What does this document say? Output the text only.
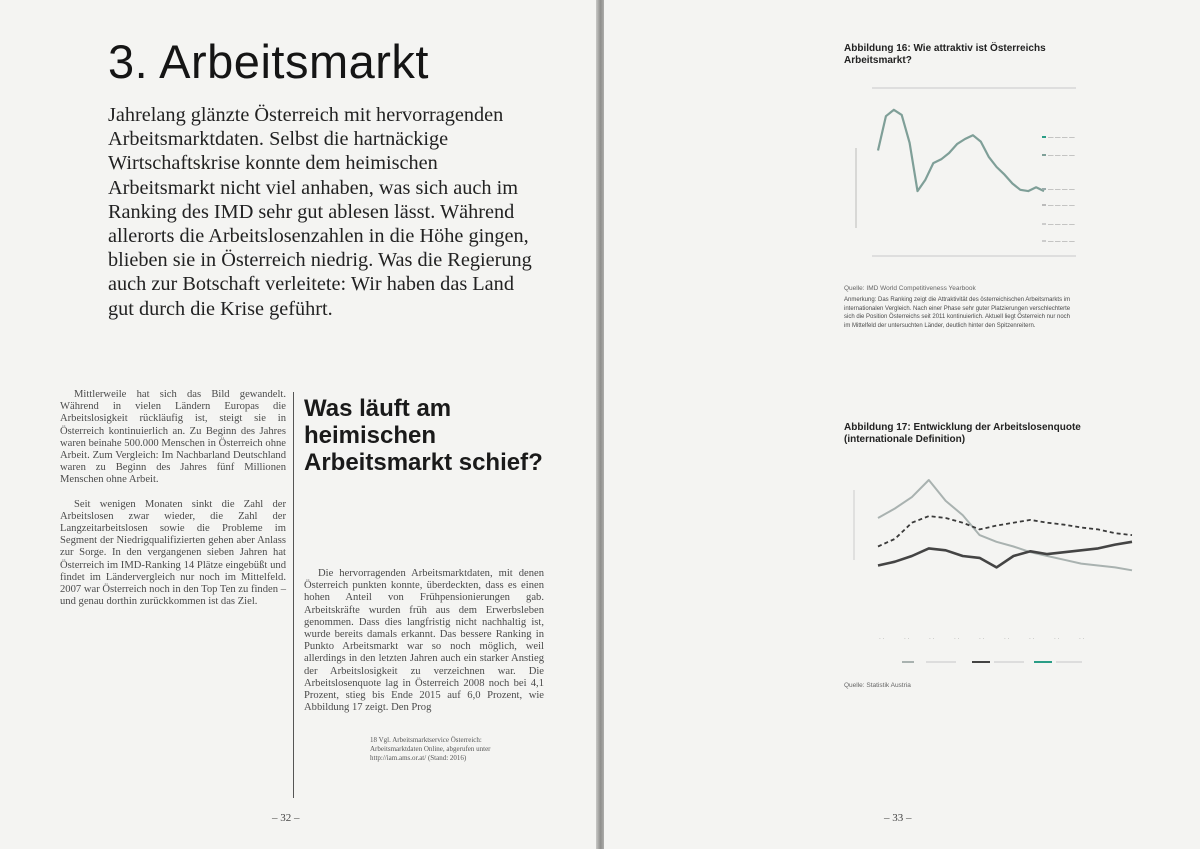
3. Arbeitsmarkt

Jahrelang glänzte Österreich mit hervorragenden Arbeitsmarktdaten. Selbst die hartnäckige Wirtschaftskrise konnte dem heimischen Arbeitsmarkt nicht viel anhaben, was sich auch im Ranking des IMD sehr gut ablesen lässt. Während allerorts die Arbeitslosenzahlen in die Höhe gingen, blieben sie in Österreich niedrig. Was die Regierung auch zur Botschaft verleitete: Wir haben das Land gut durch die Krise geführt.

Mittlerweile hat sich das Bild gewandelt. Während in vielen Ländern Europas die Arbeitslosigkeit rückläufig ist, steigt sie in Österreich kontinuierlich an. Zu Beginn des Jahres waren beinahe 500.000 Menschen in Österreich ohne Arbeit. Zum Vergleich: Im Nachbarland Deutschland waren zu Beginn des Jahres fünf Millionen Menschen ohne Arbeit.

Seit wenigen Monaten sinkt die Zahl der Arbeitslosen zwar wieder, die Zahl der Langzeitarbeitslosen sowie die Probleme im Segment der Niedrigqualifizierten gehen aber Anlass zur Sorge. In den vergangenen sieben Jahren hat Österreich im IMD-Ranking 14 Plätze eingebüßt und findet im Ländervergleich nur noch im Mittelfeld. 2007 war Österreich noch in den Top Ten zu finden – und genau dorthin zurückkommen ist das Ziel.

Was läuft am heimischen Arbeitsmarkt schief?

Die hervorragenden Arbeitsmarktdaten, mit denen Österreich punkten konnte, überdeckten, dass es einen hohen Anteil von Frühpensionierungen gab. Arbeitskräfte wurden früh aus dem Erwerbsleben genommen. Dass dies langfristig nicht nachhaltig ist, wurde bereits damals erkannt. Das bessere Ranking in Punkto Arbeitsmarkt war so noch möglich, weil allerdings in den letzten Jahren auch ein starker Anstieg der Arbeitslosigkeit zu verzeichnen war. Die Arbeitslosenquote lag in Österreich 2008 noch bei 4,1 Prozent, stieg bis Ende 2015 auf 6,0 Prozent, wie Abbildung 17 zeigt. Den Prog

18 Vgl. Arbeitsmarktservice Österreich: Arbeitsmarktdaten Online, abgerufen unter http://iam.ams.or.at/ (Stand: 2016)

– 32 –

Abbildung 16: Wie attraktiv ist Österreichs Arbeitsmarkt?

— — — —
— — — —
— — — —
— — — —
— — — —
— — — —

Quelle: IMD World Competitiveness Yearbook

Anmerkung: Das Ranking zeigt die Attraktivität des österreichischen Arbeitsmarkts im internationalen Vergleich. Nach einer Phase sehr guter Platzierungen verschlechterte sich die Position Österreichs seit 2011 kontinuierlich. Aktuell liegt Österreich nur noch im Mittelfeld der untersuchten Länder, deutlich hinter den Spitzenreitern.

Abbildung 17: Entwicklung der Arbeitslosenquote (internationale Definition)

· ·	· ·	· ·	· ·	· ·	· ·	· ·	· ·	· ·

Quelle: Statistik Austria

– 33 –
